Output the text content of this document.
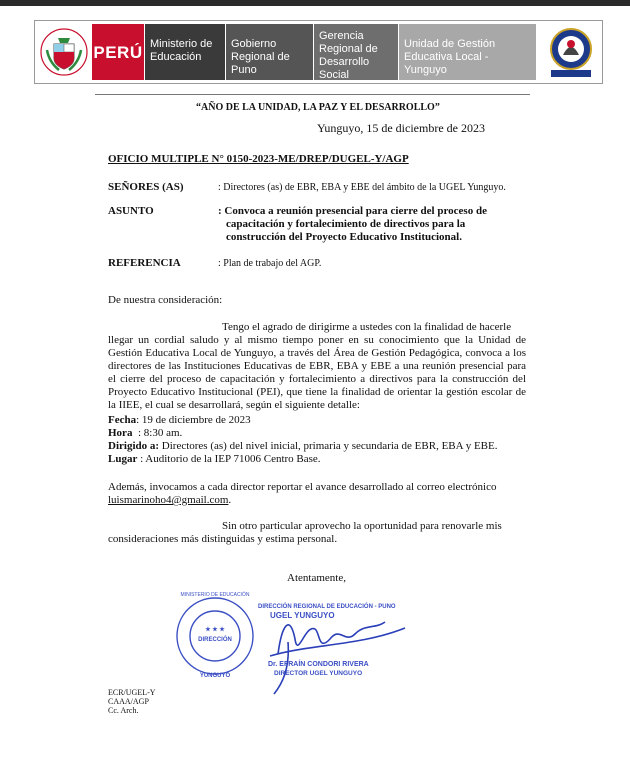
PERÚ Ministerio de Educación
Gobierno Regional de Puno
Gerencia Regional de Desarrollo Social
Unidad de Gestión Educativa Local - Yunguyo
“AÑO DE LA UNIDAD, LA PAZ Y EL DESARROLLO”
Yunguyo, 15 de diciembre de 2023
OFICIO MULTIPLE N° 0150-2023-ME/DREP/DUGEL-Y/AGP
SEÑORES (AS)	: Directores (as) de EBR, EBA y EBE del ámbito de la UGEL Yunguyo.
ASUNTO	: Convoca a reunión presencial para cierre del proceso de
capacitación y fortalecimiento de directivos para la
construcción del Proyecto Educativo Institucional.
REFERENCIA	: Plan de trabajo del AGP.
De nuestra consideración:
Tengo el agrado de dirigirme a ustedes con la finalidad de hacerle
llegar un cordial saludo y al mismo tiempo poner en su conocimiento que la Unidad de Gestión Educativa Local de Yunguyo, a través del Área de Gestión Pedagógica, convoca a los directores de las Instituciones Educativas de EBR, EBA y EBE a una reunión presencial para el cierre del proceso de capacitación y fortalecimiento a directivos para la construcción del Proyecto Educativo Institucional (PEI), que tiene la finalidad de orientar la gestión escolar de la IIEE, el cual se desarrollará, según el siguiente detalle:
Fecha: 19 de diciembre de 2023
Hora : 8:30 am.
Dirigido a: Directores (as) del nivel inicial, primaria y secundaria de EBR, EBA y EBE.
Lugar : Auditorio de la IEP 71006 Centro Base.
Además, invocamos a cada director reportar el avance desarrollado al correo electrónico
luismarinoho4@gmail.com.
Sin otro particular aprovecho la oportunidad para renovarle mis
consideraciones más distinguidas y estima personal.
Atentamente,
★ ★ ★
DIRECCIÓN
MINISTERIO DE EDUCACIÓN
YUNGUYO
DIRECCIÓN REGIONAL DE EDUCACIÓN - PUNO
UGEL YUNGUYO
Dr. EFRAÍN CONDORI RIVERA
DIRECTOR UGEL YUNGUYO
ECR/UGEL-Y
CAAA/AGP
Cc. Arch.
